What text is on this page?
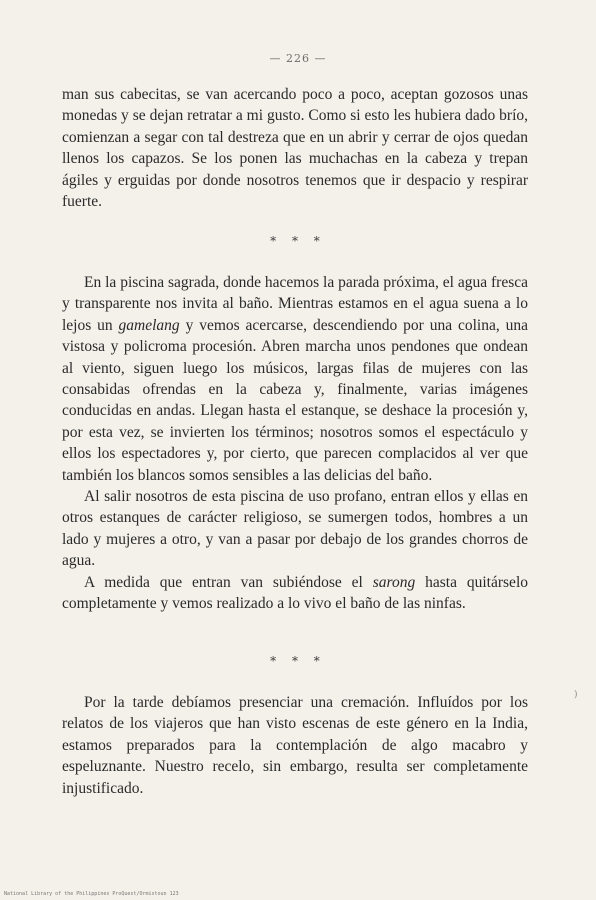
— 226 —

man sus cabecitas, se van acercando poco a poco, aceptan gozosos unas monedas y se dejan retratar a mi gusto. Como si esto les hubiera dado brío, comienzan a segar con tal destreza que en un abrir y cerrar de ojos quedan llenos los capazos. Se los ponen las muchachas en la cabeza y trepan ágiles y erguidas por donde nosotros tenemos que ir despacio y respirar fuerte.

* * *

En la piscina sagrada, donde hacemos la parada próxima, el agua fresca y transparente nos invita al baño. Mientras estamos en el agua suena a lo lejos un gamelang y vemos acercarse, descendiendo por una colina, una vistosa y policroma procesión. Abren marcha unos pendones que ondean al viento, siguen luego los músicos, largas filas de mujeres con las consabidas ofrendas en la cabeza y, finalmente, varias imágenes conducidas en andas. Llegan hasta el estanque, se deshace la procesión y, por esta vez, se invierten los términos; nosotros somos el espectáculo y ellos los espectadores y, por cierto, que parecen complacidos al ver que también los blancos somos sensibles a las delicias del baño.

Al salir nosotros de esta piscina de uso profano, entran ellos y ellas en otros estanques de carácter religioso, se sumergen todos, hombres a un lado y mujeres a otro, y van a pasar por debajo de los grandes chorros de agua.

A medida que entran van subiéndose el sarong hasta quitárselo completamente y vemos realizado a lo vivo el baño de las ninfas.

* * *

Por la tarde debíamos presenciar una cremación. Influídos por los relatos de los viajeros que han visto escenas de este género en la India, estamos preparados para la contemplación de algo macabro y espeluznante. Nuestro recelo, sin embargo, resulta ser completamente injustificado.

)
National Library of the Philippines ProQuest/Ormistoun 123
